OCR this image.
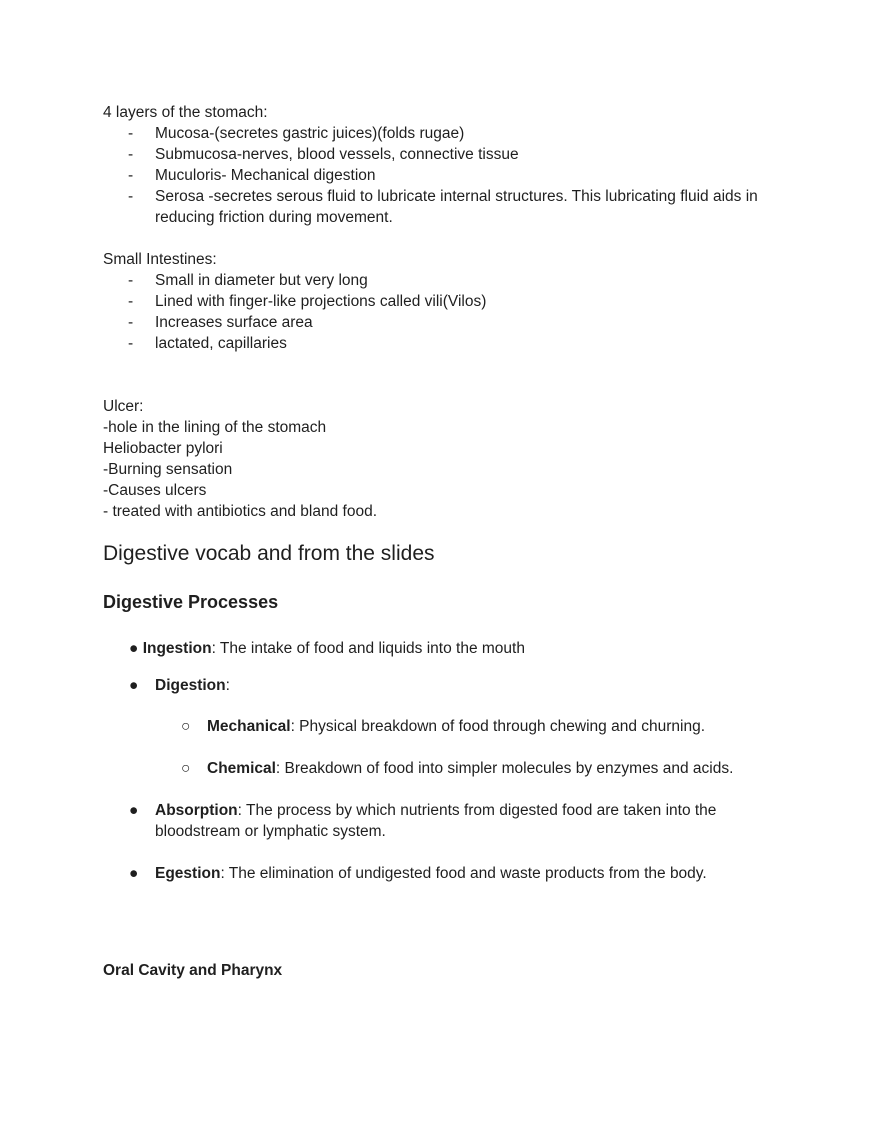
4 layers of the stomach:

- Mucosa-(secretes gastric juices)(folds rugae)
- Submucosa-nerves, blood vessels, connective tissue
- Muculoris- Mechanical digestion
- Serosa -secretes serous fluid to lubricate internal structures. This lubricating fluid aids in reducing friction during movement.

Small Intestines:

- Small in diameter but very long
- Lined with finger-like projections called vili(Vilos)
- Increases surface area
- lactated, capillaries

Ulcer:

-hole in the lining of the stomach

Heliobacter pylori

-Burning sensation

-Causes ulcers

- treated with antibiotics and bland food.

Digestive vocab and from the slides
Digestive Processes

● Ingestion: The intake of food and liquids into the mouth

● Digestion:

○ Mechanical: Physical breakdown of food through chewing and churning.

○ Chemical: Breakdown of food into simpler molecules by enzymes and acids.

● Absorption: The process by which nutrients from digested food are taken into the bloodstream or lymphatic system.

● Egestion: The elimination of undigested food and waste products from the body.

Oral Cavity and Pharynx
